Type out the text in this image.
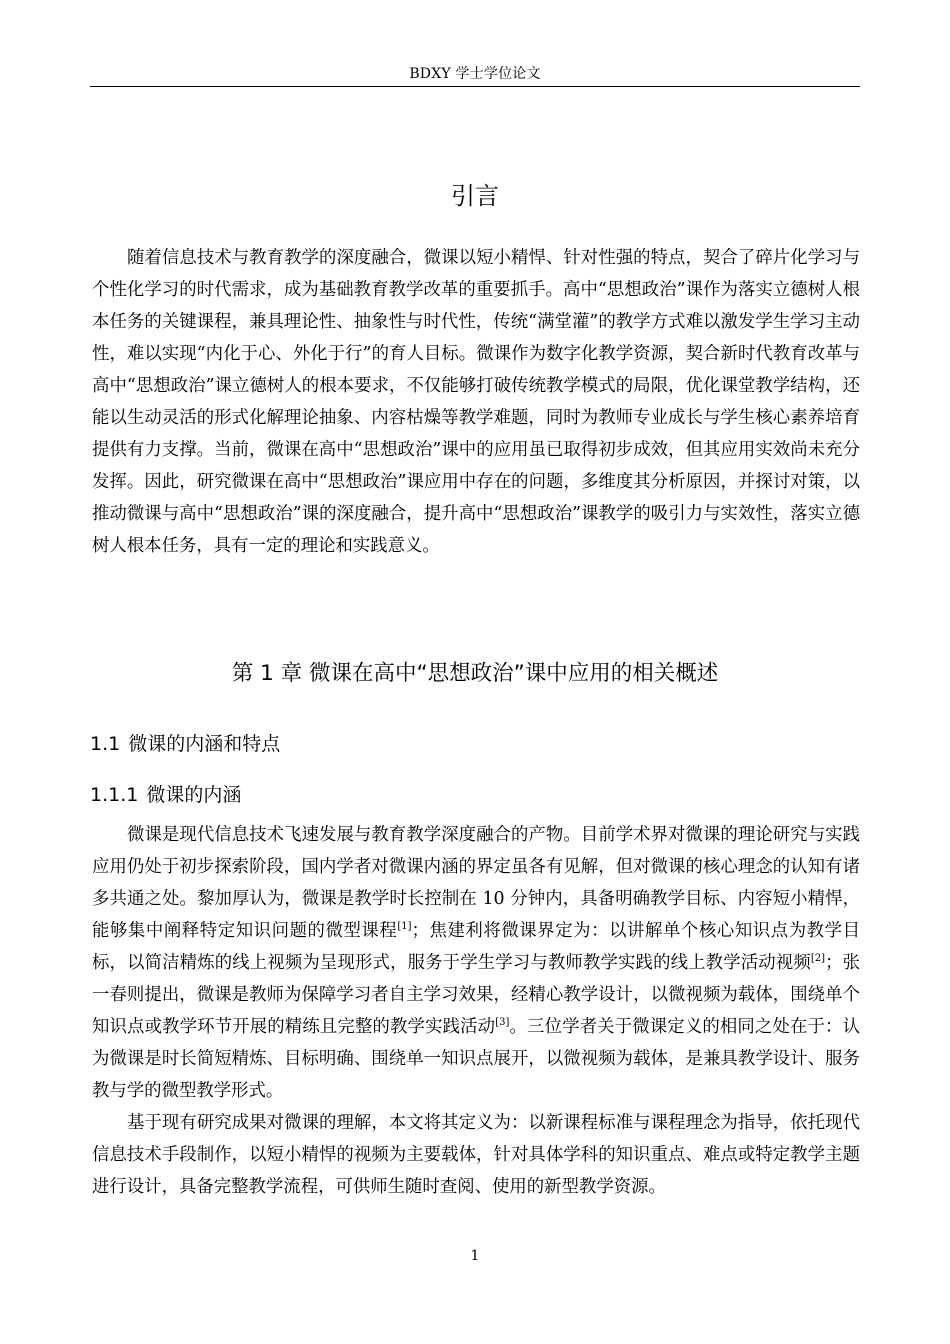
BDXY 学士学位论文
引言

随着信息技术与教育教学的深度融合，微课以短小精悍、针对性强的特点，契合了碎片化学习与个性化学习的时代需求，成为基础教育教学改革的重要抓手。高中“思想政治”课作为落实立德树人根本任务的关键课程，兼具理论性、抽象性与时代性，传统“满堂灌”的教学方式难以激发学生学习主动性，难以实现“内化于心、外化于行”的育人目标。微课作为数字化教学资源，契合新时代教育改革与高中“思想政治”课立德树人的根本要求，不仅能够打破传统教学模式的局限，优化课堂教学结构，还能以生动灵活的形式化解理论抽象、内容枯燥等教学难题，同时为教师专业成长与学生核心素养培育提供有力支撑。当前，微课在高中“思想政治”课中的应用虽已取得初步成效，但其应用实效尚未充分发挥。因此，研究微课在高中“思想政治”课应用中存在的问题，多维度其分析原因，并探讨对策，以推动微课与高中“思想政治”课的深度融合，提升高中“思想政治”课教学的吸引力与实效性，落实立德树人根本任务，具有一定的理论和实践意义。

第 1 章 微课在高中“思想政治”课中应用的相关概述
1.1 微课的内涵和特点
1.1.1 微课的内涵

微课是现代信息技术飞速发展与教育教学深度融合的产物。目前学术界对微课的理论研究与实践应用仍处于初步探索阶段，国内学者对微课内涵的界定虽各有见解，但对微课的核心理念的认知有诸多共通之处。黎加厚认为，微课是教学时长控制在 10 分钟内，具备明确教学目标、内容短小精悍，能够集中阐释特定知识问题的微型课程[1]；焦建利将微课界定为：以讲解单个核心知识点为教学目标，以简洁精炼的线上视频为呈现形式，服务于学生学习与教师教学实践的线上教学活动视频[2]；张一春则提出，微课是教师为保障学习者自主学习效果，经精心教学设计，以微视频为载体，围绕单个知识点或教学环节开展的精练且完整的教学实践活动[3]。三位学者关于微课定义的相同之处在于：认为微课是时长简短精炼、目标明确、围绕单一知识点展开，以微视频为载体，是兼具教学设计、服务教与学的微型教学形式。

基于现有研究成果对微课的理解，本文将其定义为：以新课程标准与课程理念为指导，依托现代信息技术手段制作，以短小精悍的视频为主要载体，针对具体学科的知识重点、难点或特定教学主题进行设计，具备完整教学流程，可供师生随时查阅、使用的新型教学资源。

1
